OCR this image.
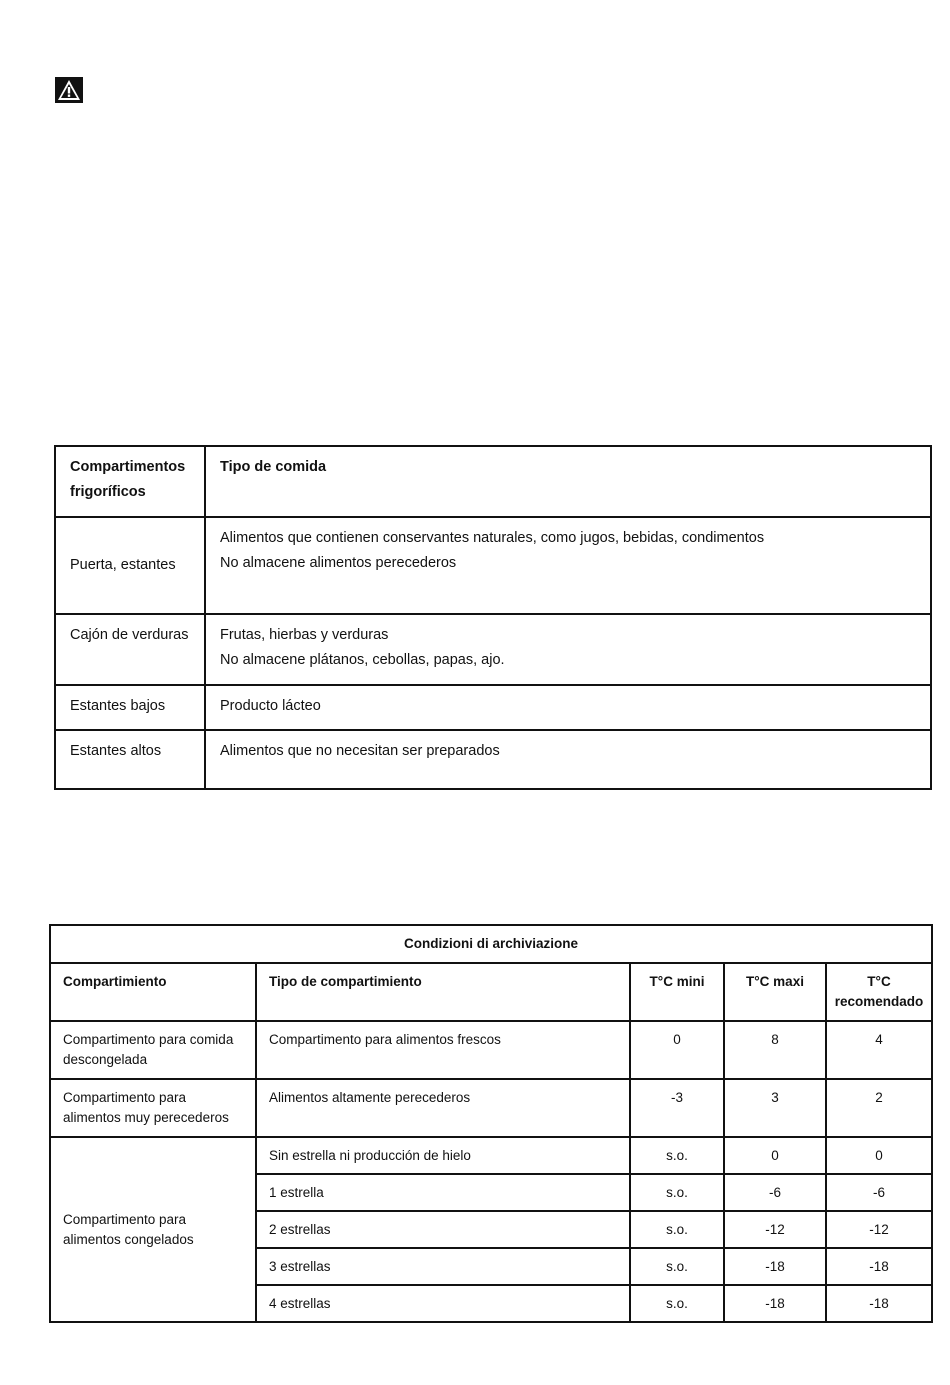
Compartimentos
frigoríficos	Tipo de comida
Puerta, estantes	Alimentos que contienen conservantes naturales, como jugos, bebidas, condimentos
No almacene alimentos perecederos

Cajón de verduras	Frutas, hierbas y verduras
No almacene plátanos, cebollas, papas, ajo.

Estantes bajos	Producto lácteo

Estantes altos	Alimentos que no necesitan ser preparados
Condizioni di archiviazione				
Compartimiento	Tipo de compartimiento	T°C mini	T°C maxi	T°C
recomendado
Compartimento para comida descongelada	Compartimento para alimentos frescos	0	8	4
Compartimento para alimentos muy perecederos	Alimentos altamente perecederos	-3	3	2
Compartimento para alimentos congelados	Sin estrella ni producción de hielo	s.o.	0	0
	1 estrella	s.o.	-6	-6
	2 estrellas	s.o.	-12	-12
	3 estrellas	s.o.	-18	-18
	4 estrellas	s.o.	-18	-18
